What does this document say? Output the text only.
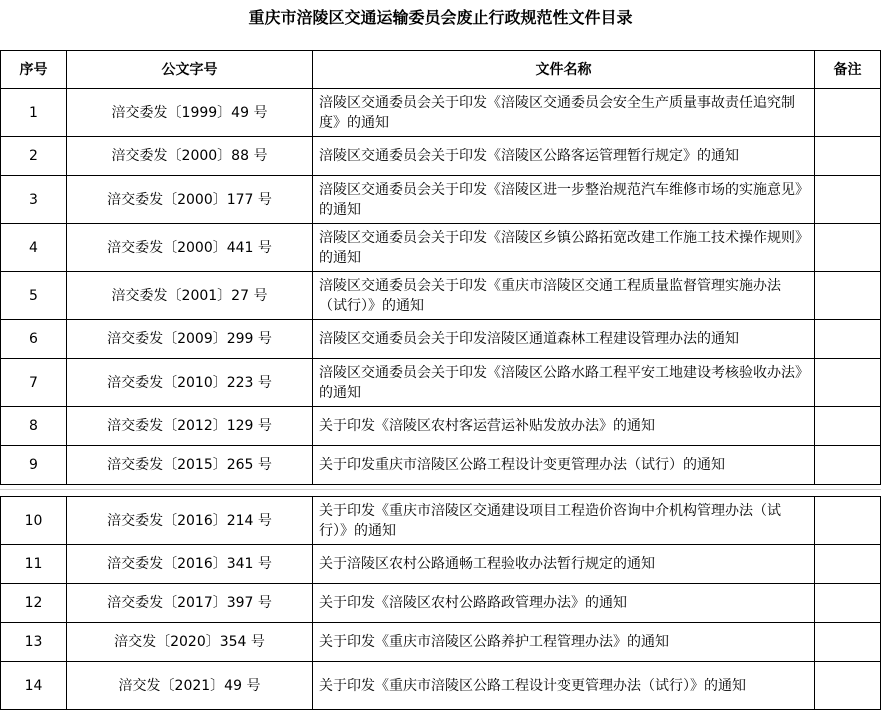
重庆市涪陵区交通运输委员会废止行政规范性文件目录
序号	公文字号	文件名称	备注
1	涪交委发〔1999〕49 号	涪陵区交通委员会关于印发《涪陵区交通委员会安全生产质量事故责任追究制度》的通知	
2	涪交委发〔2000〕88 号	涪陵区交通委员会关于印发《涪陵区公路客运管理暂行规定》的通知	
3	涪交委发〔2000〕177 号	涪陵区交通委员会关于印发《涪陵区进一步整治规范汽车维修市场的实施意见》的通知	
4	涪交委发〔2000〕441 号	涪陵区交通委员会关于印发《涪陵区乡镇公路拓宽改建工作施工技术操作规则》的通知	
5	涪交委发〔2001〕27 号	涪陵区交通委员会关于印发《重庆市涪陵区交通工程质量监督管理实施办法（试行）》的通知	
6	涪交委发〔2009〕299 号	涪陵区交通委员会关于印发涪陵区通道森林工程建设管理办法的通知	
7	涪交委发〔2010〕223 号	涪陵区交通委员会关于印发《涪陵区公路水路工程平安工地建设考核验收办法》的通知	
8	涪交委发〔2012〕129 号	关于印发《涪陵区农村客运营运补贴发放办法》的通知	
9	涪交委发〔2015〕265 号	关于印发重庆市涪陵区公路工程设计变更管理办法（试行）的通知	
10	涪交委发〔2016〕214 号	关于印发《重庆市涪陵区交通建设项目工程造价咨询中介机构管理办法（试行）》的通知	
11	涪交委发〔2016〕341 号	关于涪陵区农村公路通畅工程验收办法暂行规定的通知	
12	涪交委发〔2017〕397 号	关于印发《涪陵区农村公路路政管理办法》的通知	
13	涪交发〔2020〕354 号	关于印发《重庆市涪陵区公路养护工程管理办法》的通知	
14	涪交发〔2021〕49 号	关于印发《重庆市涪陵区公路工程设计变更管理办法（试行）》的通知	
